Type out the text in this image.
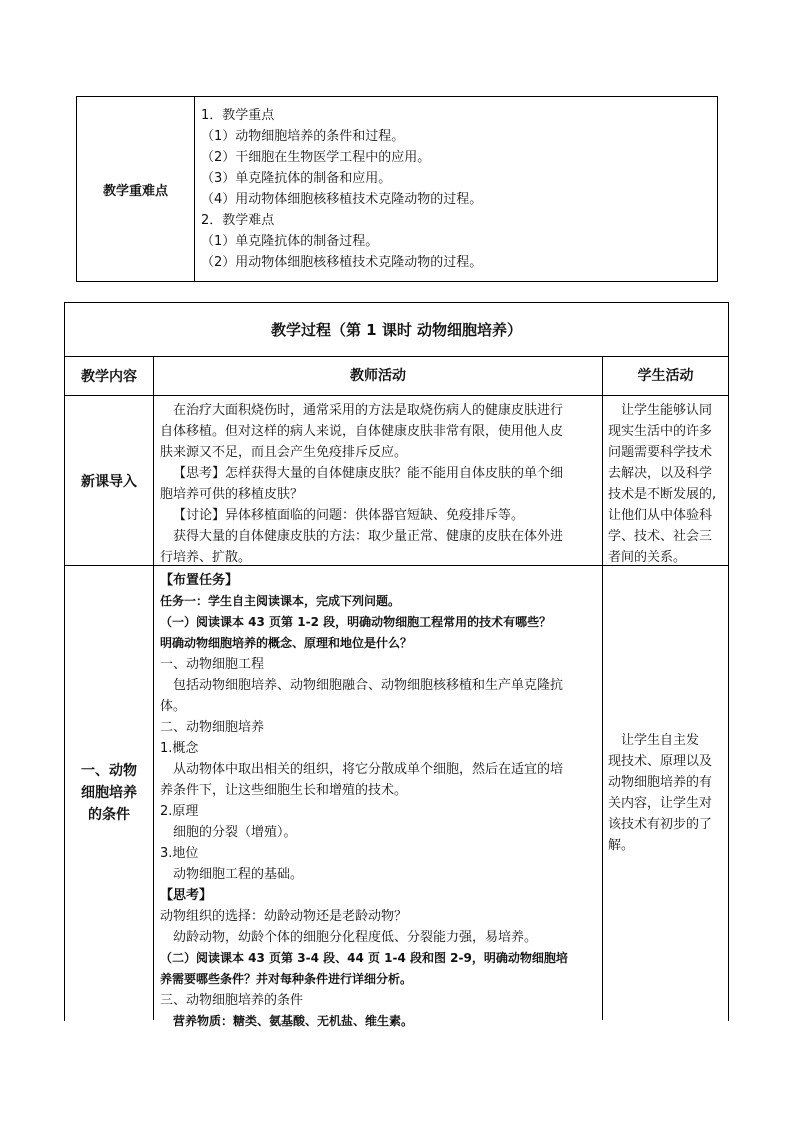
教学重难点
1．教学重点
（1）动物细胞培养的条件和过程。
（2）干细胞在生物医学工程中的应用。
（3）单克隆抗体的制备和应用。
（4）用动物体细胞核移植技术克隆动物的过程。
2．教学难点
（1）单克隆抗体的制备过程。
（2）用动物体细胞核移植技术克隆动物的过程。
教学过程（第 1 课时 动物细胞培养）
教学内容	教师活动	学生活动
新课导入
在治疗大面积烧伤时，通常采用的方法是取烧伤病人的健康皮肤进行
自体移植。但对这样的病人来说，自体健康皮肤非常有限，使用他人皮
肤来源又不足，而且会产生免疫排斥反应。
【思考】怎样获得大量的自体健康皮肤？能不能用自体皮肤的单个细
胞培养可供的移植皮肤？
【讨论】异体移植面临的问题：供体器官短缺、免疫排斥等。
获得大量的自体健康皮肤的方法：取少量正常、健康的皮肤在体外进
行培养、扩散。
让学生能够认同
现实生活中的许多
问题需要科学技术
去解决，以及科学
技术是不断发展的,
让他们从中体验科
学、技术、社会三
者间的关系。
一、动物
细胞培养
的条件
【布置任务】
任务一：学生自主阅读课本，完成下列问题。
（一）阅读课本 43 页第 1-2 段，明确动物细胞工程常用的技术有哪些？
明确动物细胞培养的概念、原理和地位是什么？
一、动物细胞工程
包括动物细胞培养、动物细胞融合、动物细胞核移植和生产单克隆抗
体。
二、动物细胞培养
1.概念
从动物体中取出相关的组织，将它分散成单个细胞，然后在适宜的培
养条件下，让这些细胞生长和增殖的技术。
2.原理
细胞的分裂（增殖）。
3.地位
动物细胞工程的基础。
【思考】
动物组织的选择：幼龄动物还是老龄动物？
幼龄动物，幼龄个体的细胞分化程度低、分裂能力强，易培养。
（二）阅读课本 43 页第 3-4 段、44 页 1-4 段和图 2-9，明确动物细胞培
养需要哪些条件？并对每种条件进行详细分析。
三、动物细胞培养的条件
营养物质：糖类、氨基酸、无机盐、维生素。
让学生自主发
现技术、原理以及
动物细胞培养的有
关内容，让学生对
该技术有初步的了
解。
